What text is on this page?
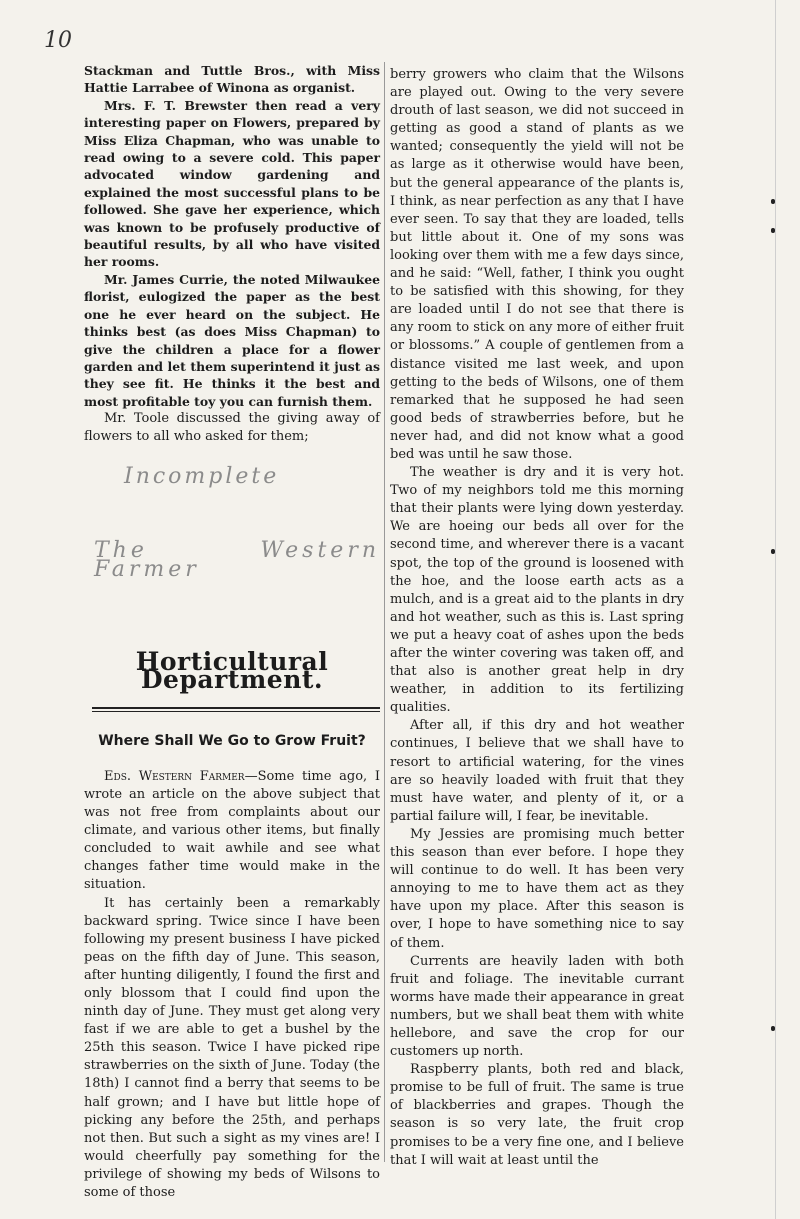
10

Stackman and Tuttle Bros., with Miss Hattie Larrabee of Winona as organist.

Mrs. F. T. Brewster then read a very interesting paper on Flowers, prepared by Miss Eliza Chapman, who was unable to read owing to a severe cold. This paper advocated window gardening and explained the most successful plans to be followed. She gave her experience, which was known to be profusely productive of beautiful results, by all who have visited her rooms.

Mr. James Currie, the noted Milwaukee florist, eulogized the paper as the best one he ever heard on the subject. He thinks best (as does Miss Chapman) to give the children a place for a flower garden and let them superintend it just as they see fit. He thinks it the best and most profitable toy you can furnish them.

Mr. Toole discussed the giving away of flowers to all who asked for them;

Incomplete
The Western Farmer
Horticultural Department.
Where Shall We Go to Grow Fruit?

Eds. Western Farmer—Some time ago, I wrote an article on the above subject that was not free from complaints about our climate, and various other items, but finally concluded to wait awhile and see what changes father time would make in the situation.

It has certainly been a remarkably backward spring. Twice since I have been following my present business I have picked peas on the fifth day of June. This season, after hunting diligently, I found the first and only blossom that I could find upon the ninth day of June. They must get along very fast if we are able to get a bushel by the 25th this season. Twice I have picked ripe strawberries on the sixth of June. Today (the 18th) I cannot find a berry that seems to be half grown; and I have but little hope of picking any before the 25th, and perhaps not then. But such a sight as my vines are! I would cheerfully pay something for the privilege of showing my beds of Wilsons to some of those

berry growers who claim that the Wilsons are played out. Owing to the very severe drouth of last season, we did not succeed in getting as good a stand of plants as we wanted; consequently the yield will not be as large as it otherwise would have been, but the general appearance of the plants is, I think, as near perfection as any that I have ever seen. To say that they are loaded, tells but little about it. One of my sons was looking over them with me a few days since, and he said: “Well, father, I think you ought to be satisfied with this showing, for they are loaded until I do not see that there is any room to stick on any more of either fruit or blossoms.” A couple of gentlemen from a distance visited me last week, and upon getting to the beds of Wilsons, one of them remarked that he supposed he had seen good beds of strawberries before, but he never had, and did not know what a good bed was until he saw those.

The weather is dry and it is very hot. Two of my neighbors told me this morning that their plants were lying down yesterday. We are hoeing our beds all over for the second time, and wherever there is a vacant spot, the top of the ground is loosened with the hoe, and the loose earth acts as a mulch, and is a great aid to the plants in dry and hot weather, such as this is. Last spring we put a heavy coat of ashes upon the beds after the winter covering was taken off, and that also is another great help in dry weather, in addition to its fertilizing qualities.

After all, if this dry and hot weather continues, I believe that we shall have to resort to artificial watering, for the vines are so heavily loaded with fruit that they must have water, and plenty of it, or a partial failure will, I fear, be inevitable.

My Jessies are promising much better this season than ever before. I hope they will continue to do well. It has been very annoying to me to have them act as they have upon my place. After this season is over, I hope to have something nice to say of them.

Currents are heavily laden with both fruit and foliage. The inevitable currant worms have made their appearance in great numbers, but we shall beat them with white hellebore, and save the crop for our customers up north.

Raspberry plants, both red and black, promise to be full of fruit. The same is true of blackberries and grapes. Though the season is so very late, the fruit crop promises to be a very fine one, and I believe that I will wait at least until the
